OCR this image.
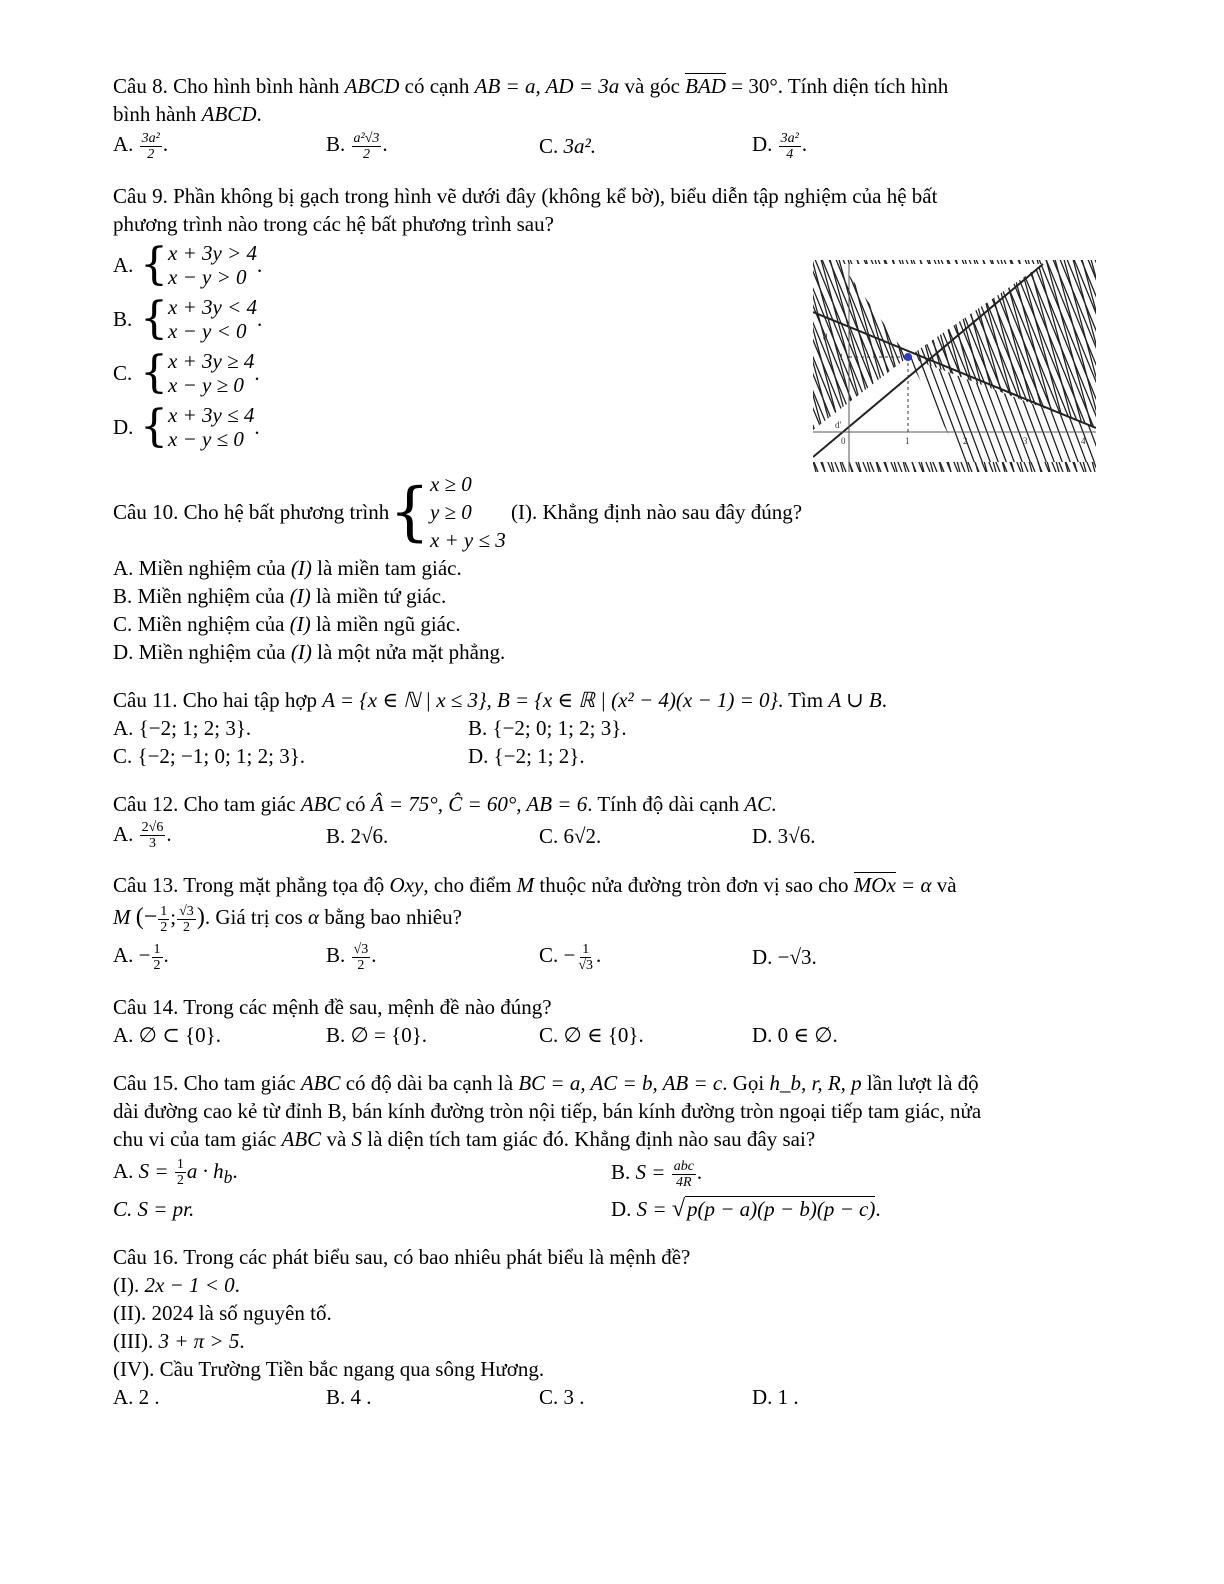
Câu 8. Cho hình bình hành ABCD có cạnh AB = a, AD = 3a và góc BAD = 30°. Tính diện tích hình
bình hành ABCD.
A. $\frac{\text{3a²}}{2}$ .	B. $\frac{\text{a²√3}}{2}$ .	C. 3a².	D. $\frac{\text{3a²}}{4}$ .
Câu 9. Phần không bị gạch trong hình vẽ dưới đây (không kể bờ), biểu diễn tập nghiệm của hệ bất
phương trình nào trong các hệ bất phương trình sau?
A. { x + 3y > 4
x − y > 0 .
B. { x + 3y < 4
x − y < 0 .
C. { x + 3y ≥ 4
x − y ≥ 0 .
D. { x + 3y ≤ 4
x − y ≤ 0 .
d
d'
1
0	1	2	3	4
Câu 10. Cho hệ bất phương trình { x ≥ 0
y ≥ 0
x + y ≤ 3
(I). Khẳng định nào sau đây đúng?
A. Miền nghiệm của (I) là miền tam giác.
B. Miền nghiệm của (I) là miền tứ giác.
C. Miền nghiệm của (I) là miền ngũ giác.
D. Miền nghiệm của (I) là một nửa mặt phẳng.
Câu 11. Cho hai tập hợp A = {x ∈ ℕ | x ≤ 3}, B = {x ∈ ℝ | (x² − 4)(x − 1) = 0}. Tìm A ∪ B.
A. {−2; 1; 2; 3}.	B. {−2; 0; 1; 2; 3}.
C. {−2; −1; 0; 1; 2; 3}.	D. {−2; 1; 2}.
Câu 12. Cho tam giác ABC có Â = 75°, Ĉ = 60°, AB = 6. Tính độ dài cạnh AC.
A. $\frac{2√6}{3}$ .	B. 2√6.	C. 6√2.	D. 3√6.
Câu 13. Trong mặt phẳng tọa độ Oxy, cho điểm M thuộc nửa đường tròn đơn vị sao cho MOx = α và
M (− $\frac{1}{2}$ ; $\frac{√3}{2}$ ). Giá trị cos α bằng bao nhiêu?
A. − $\frac{1}{2}$ .	B. $\frac{√3}{2}$ .	C. − $\frac{1}{√3}$ .	D. −√3.
Câu 14. Trong các mệnh đề sau, mệnh đề nào đúng?
A. ∅ ⊂ {0}.	B. ∅ = {0}.	C. ∅ ∈ {0}.	D. 0 ∈ ∅.
Câu 15. Cho tam giác ABC có độ dài ba cạnh là BC = a, AC = b, AB = c. Gọi h_b, r, R, p lần lượt là độ
dài đường cao kẻ từ đỉnh B, bán kính đường tròn nội tiếp, bán kính đường tròn ngoại tiếp tam giác, nửa
chu vi của tam giác ABC và S là diện tích tam giác đó. Khẳng định nào sau đây sai?
A. $S = \frac{1}{2}$ $a \cdot h_b$.	B. $S = \frac{\text{abc}}{4R}$ .
C. S = pr.	D. S = √p(p − a)(p − b)(p − c).
Câu 16. Trong các phát biểu sau, có bao nhiêu phát biểu là mệnh đề?
(I). 2x − 1 < 0.
(II). 2024 là số nguyên tố.
(III). 3 + π > 5.
(IV). Cầu Trường Tiền bắc ngang qua sông Hương.
A. 2 .	B. 4 .	C. 3 .	D. 1 .
